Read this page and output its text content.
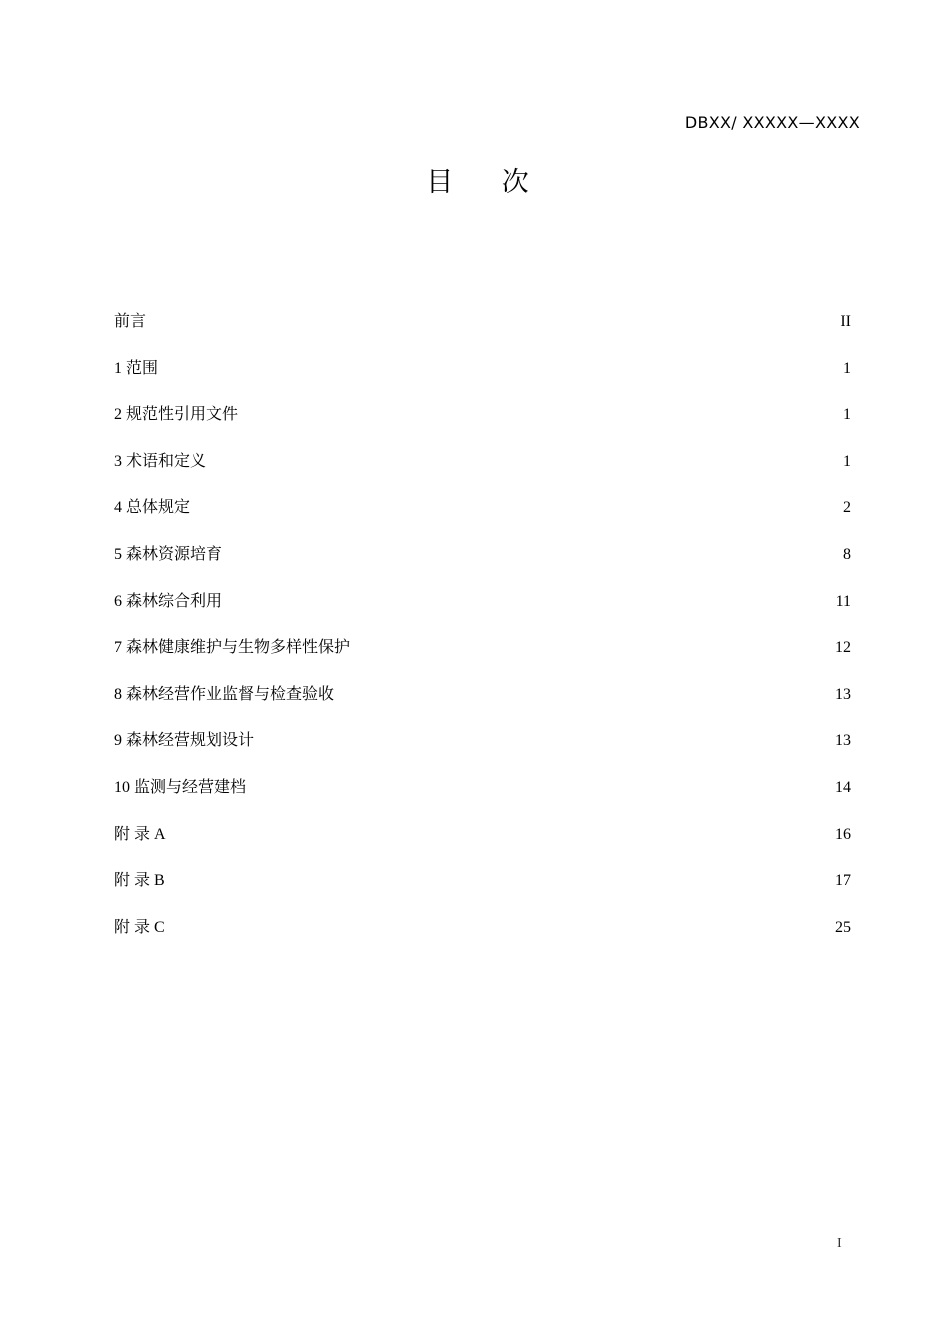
DBXX/ XXXXX—XXXX
目 次
前言	II
1 范围	1
2 规范性引用文件	1
3 术语和定义	1
4 总体规定	2
5 森林资源培育	8
6 森林综合利用	11
7 森林健康维护与生物多样性保护	12
8 森林经营作业监督与检查验收	13
9 森林经营规划设计	13
10 监测与经营建档	14
附 录 A	16
附 录 B	17
附 录 C	25
I
